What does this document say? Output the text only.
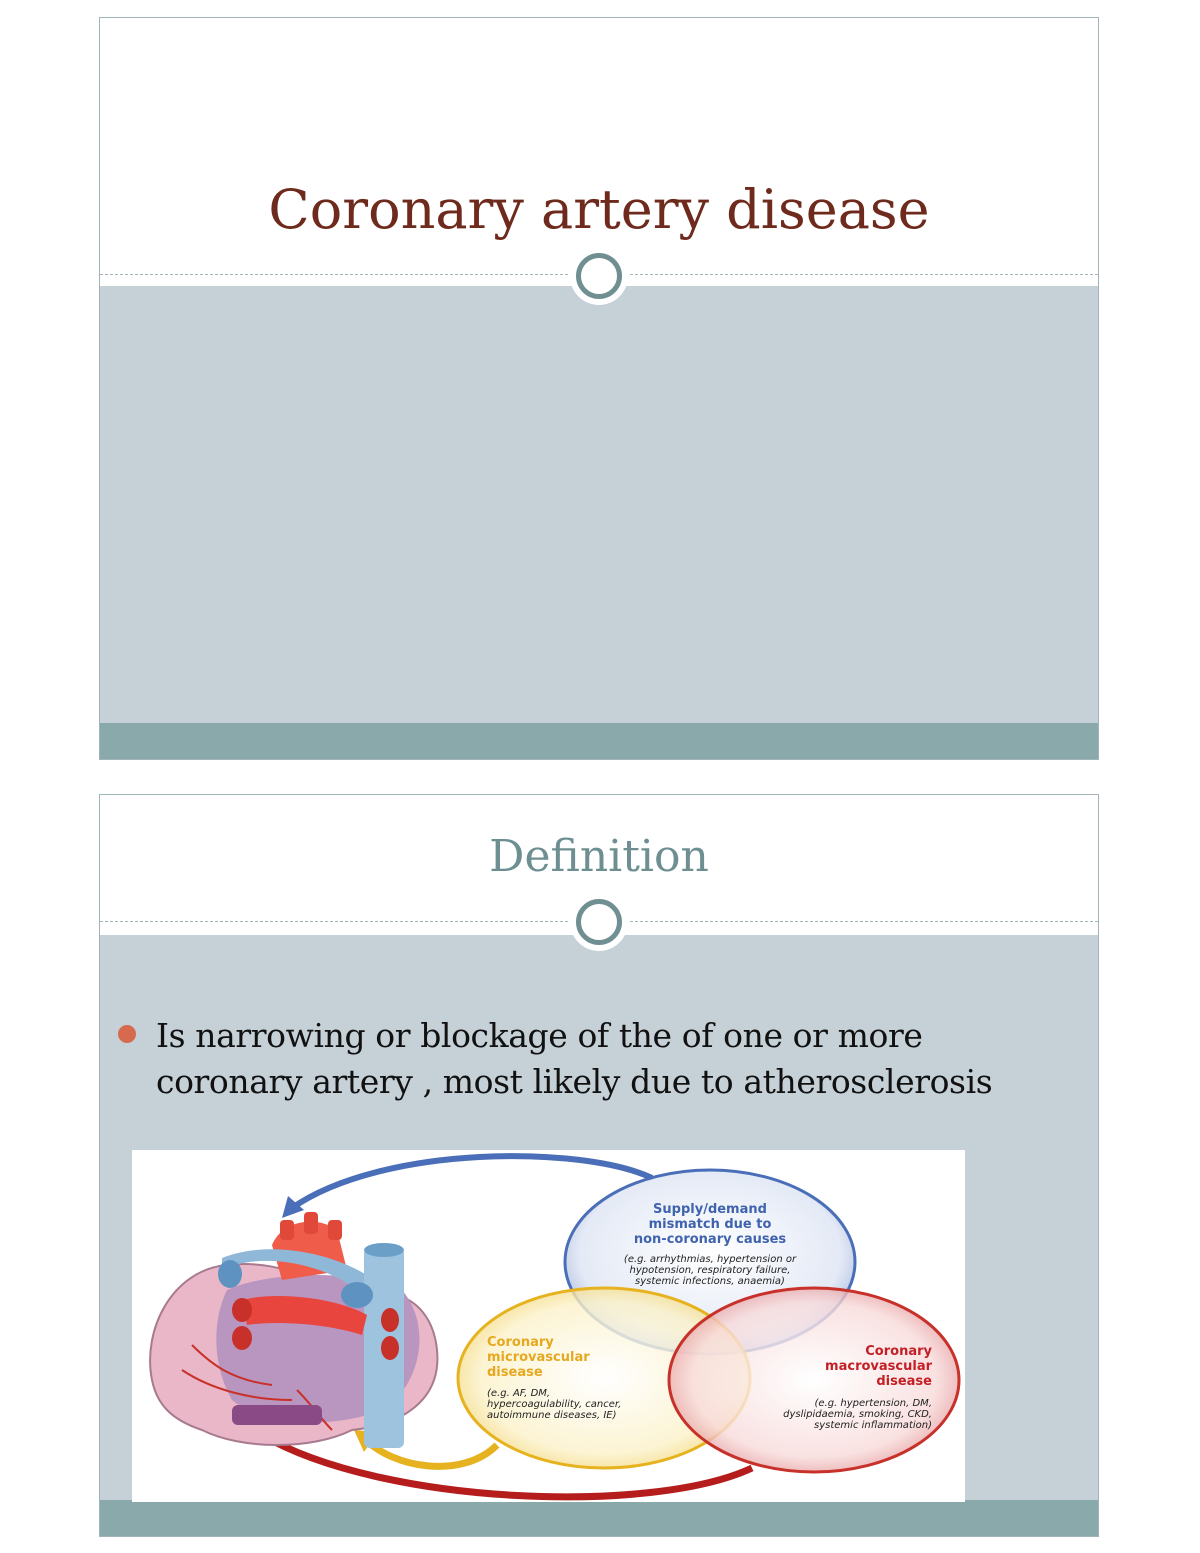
Coronary artery disease
Definition
Is narrowing or blockage of the of one or more
coronary artery , most likely due to atherosclerosis
Supply/demand
mismatch due to
non-coronary causes
(e.g. arrhythmias, hypertension or
hypotension, respiratory failure,
systemic infections, anaemia)
Coronary
microvascular
disease
(e.g. AF, DM,
hypercoagulability, cancer,
autoimmune diseases, IE)
Coronary
macrovascular
disease
(e.g. hypertension, DM,
dyslipidaemia, smoking, CKD,
systemic inflammation)
